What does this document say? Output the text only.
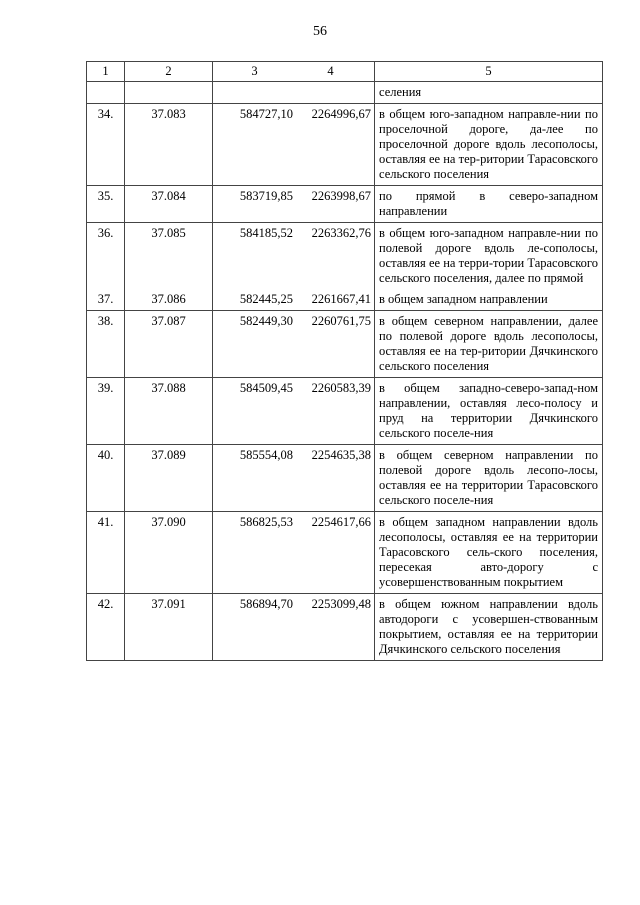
56
1	2	3 4	5
			селения
34.	37.083	584727,10 2264996,67	в общем юго-западном направле-нии по проселочной дороге, да-лее по проселочной дороге вдоль лесополосы, оставляя ее на тер-ритории Тарасовского сельского поселения
35.	37.084	583719,85 2263998,67	по прямой в северо-западном направлении
36.	37.085	584185,52 2263362,76	в общем юго-западном направле-нии по полевой дороге вдоль ле-сополосы, оставляя ее на терри-тории Тарасовского сельского поселения, далее по прямой
37.	37.086	582445,25 2261667,41	в общем западном направлении
38.	37.087	582449,30 2260761,75	в общем северном направлении, далее по полевой дороге вдоль лесополосы, оставляя ее на тер-ритории Дячкинского сельского поселения
39.	37.088	584509,45 2260583,39	в общем западно-северо-запад-ном направлении, оставляя лесо-полосу и пруд на территории Дячкинского сельского поселе-ния
40.	37.089	585554,08 2254635,38	в общем северном направлении по полевой дороге вдоль лесопо-лосы, оставляя ее на территории Тарасовского сельского поселе-ния
41.	37.090	586825,53 2254617,66	в общем западном направлении вдоль лесополосы, оставляя ее на территории Тарасовского сель-ского поселения, пересекая авто-дорогу с усовершенствованным покрытием
42.	37.091	586894,70 2253099,48	в общем южном направлении вдоль автодороги с усовершен-ствованным покрытием, оставляя ее на территории Дячкинского сельского поселения
